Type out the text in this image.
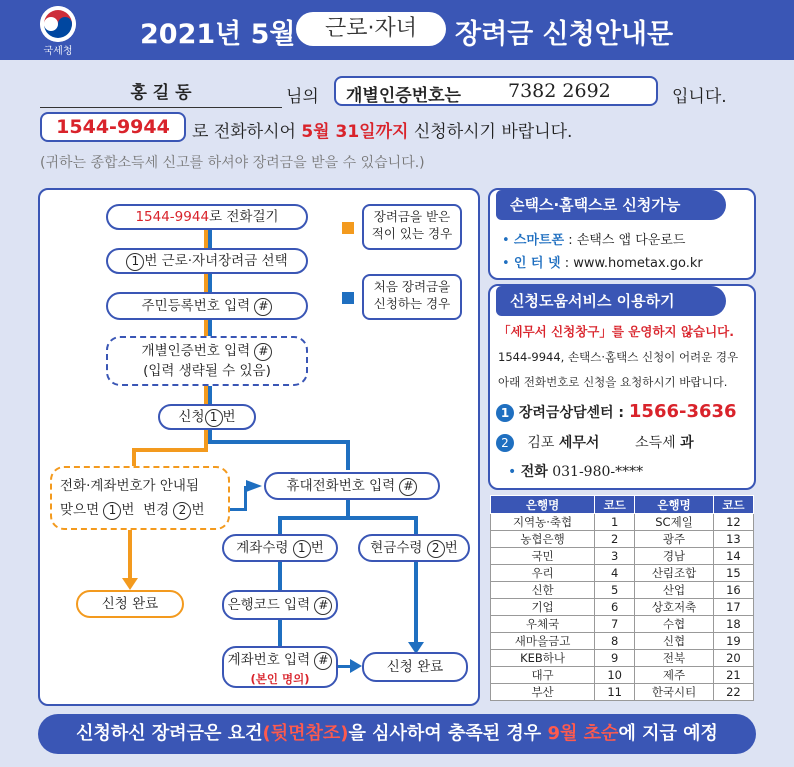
국세청
2021년 5월	근로·자녀	장려금 신청안내문
홍 길 동	님의 개별인증번호는 7382 2692	입니다.
1544-9944	로 전화하시어 5월 31일까지 신청하시기 바랍니다.
(귀하는 종합소득세 신고를 하셔야 장려금을 받을 수 있습니다.)
1544-9944로 전화걸기
1 번 근로·자녀장려금 선택
주민등록번호 입력 #
개별인증번호 입력 #
(입력 생략될 수 있음)
신청 1 번
장려금을 받은 적이 있는 경우
처음 장려금을 신청하는 경우
전화·계좌번호가 안내됨
맞으면 1 번 변경 2 번
신청 완료
휴대전화번호 입력 #
계좌수령 1 번	현금수령 2 번
은행코드 입력 #
계좌번호 입력 #
(본인 명의)
신청 완료
손택스·홈택스로 신청가능
• 스마트폰 : 손택스 앱 다운로드
• 인 터 넷 : www.hometax.go.kr
신청도움서비스 이용하기
「세무서 신청창구」를 운영하지 않습니다.
1544-9944, 손택스·홈택스 신청이 어려운 경우
아래 전화번호로 신청을 요청하시기 바랍니다.
1 장려금상담센터 : 1566-3636
2 김포 세무서	소득세 과
• 전화 031-980-****
은행명	코드	은행명	코드
지역농·축협	1	SC제일	12
농협은행	2	광주	13
국민	3	경남	14
우리	4	산림조합	15
신한	5	산업	16
기업	6	상호저축	17
우체국	7	수협	18
새마을금고	8	신협	19
KEB하나	9	전북	20
대구	10	제주	21
부산	11	한국시티	22
신청하신 장려금은 요건(뒷면참조)을 심사하여 충족된 경우 9월 초순에 지급 예정
